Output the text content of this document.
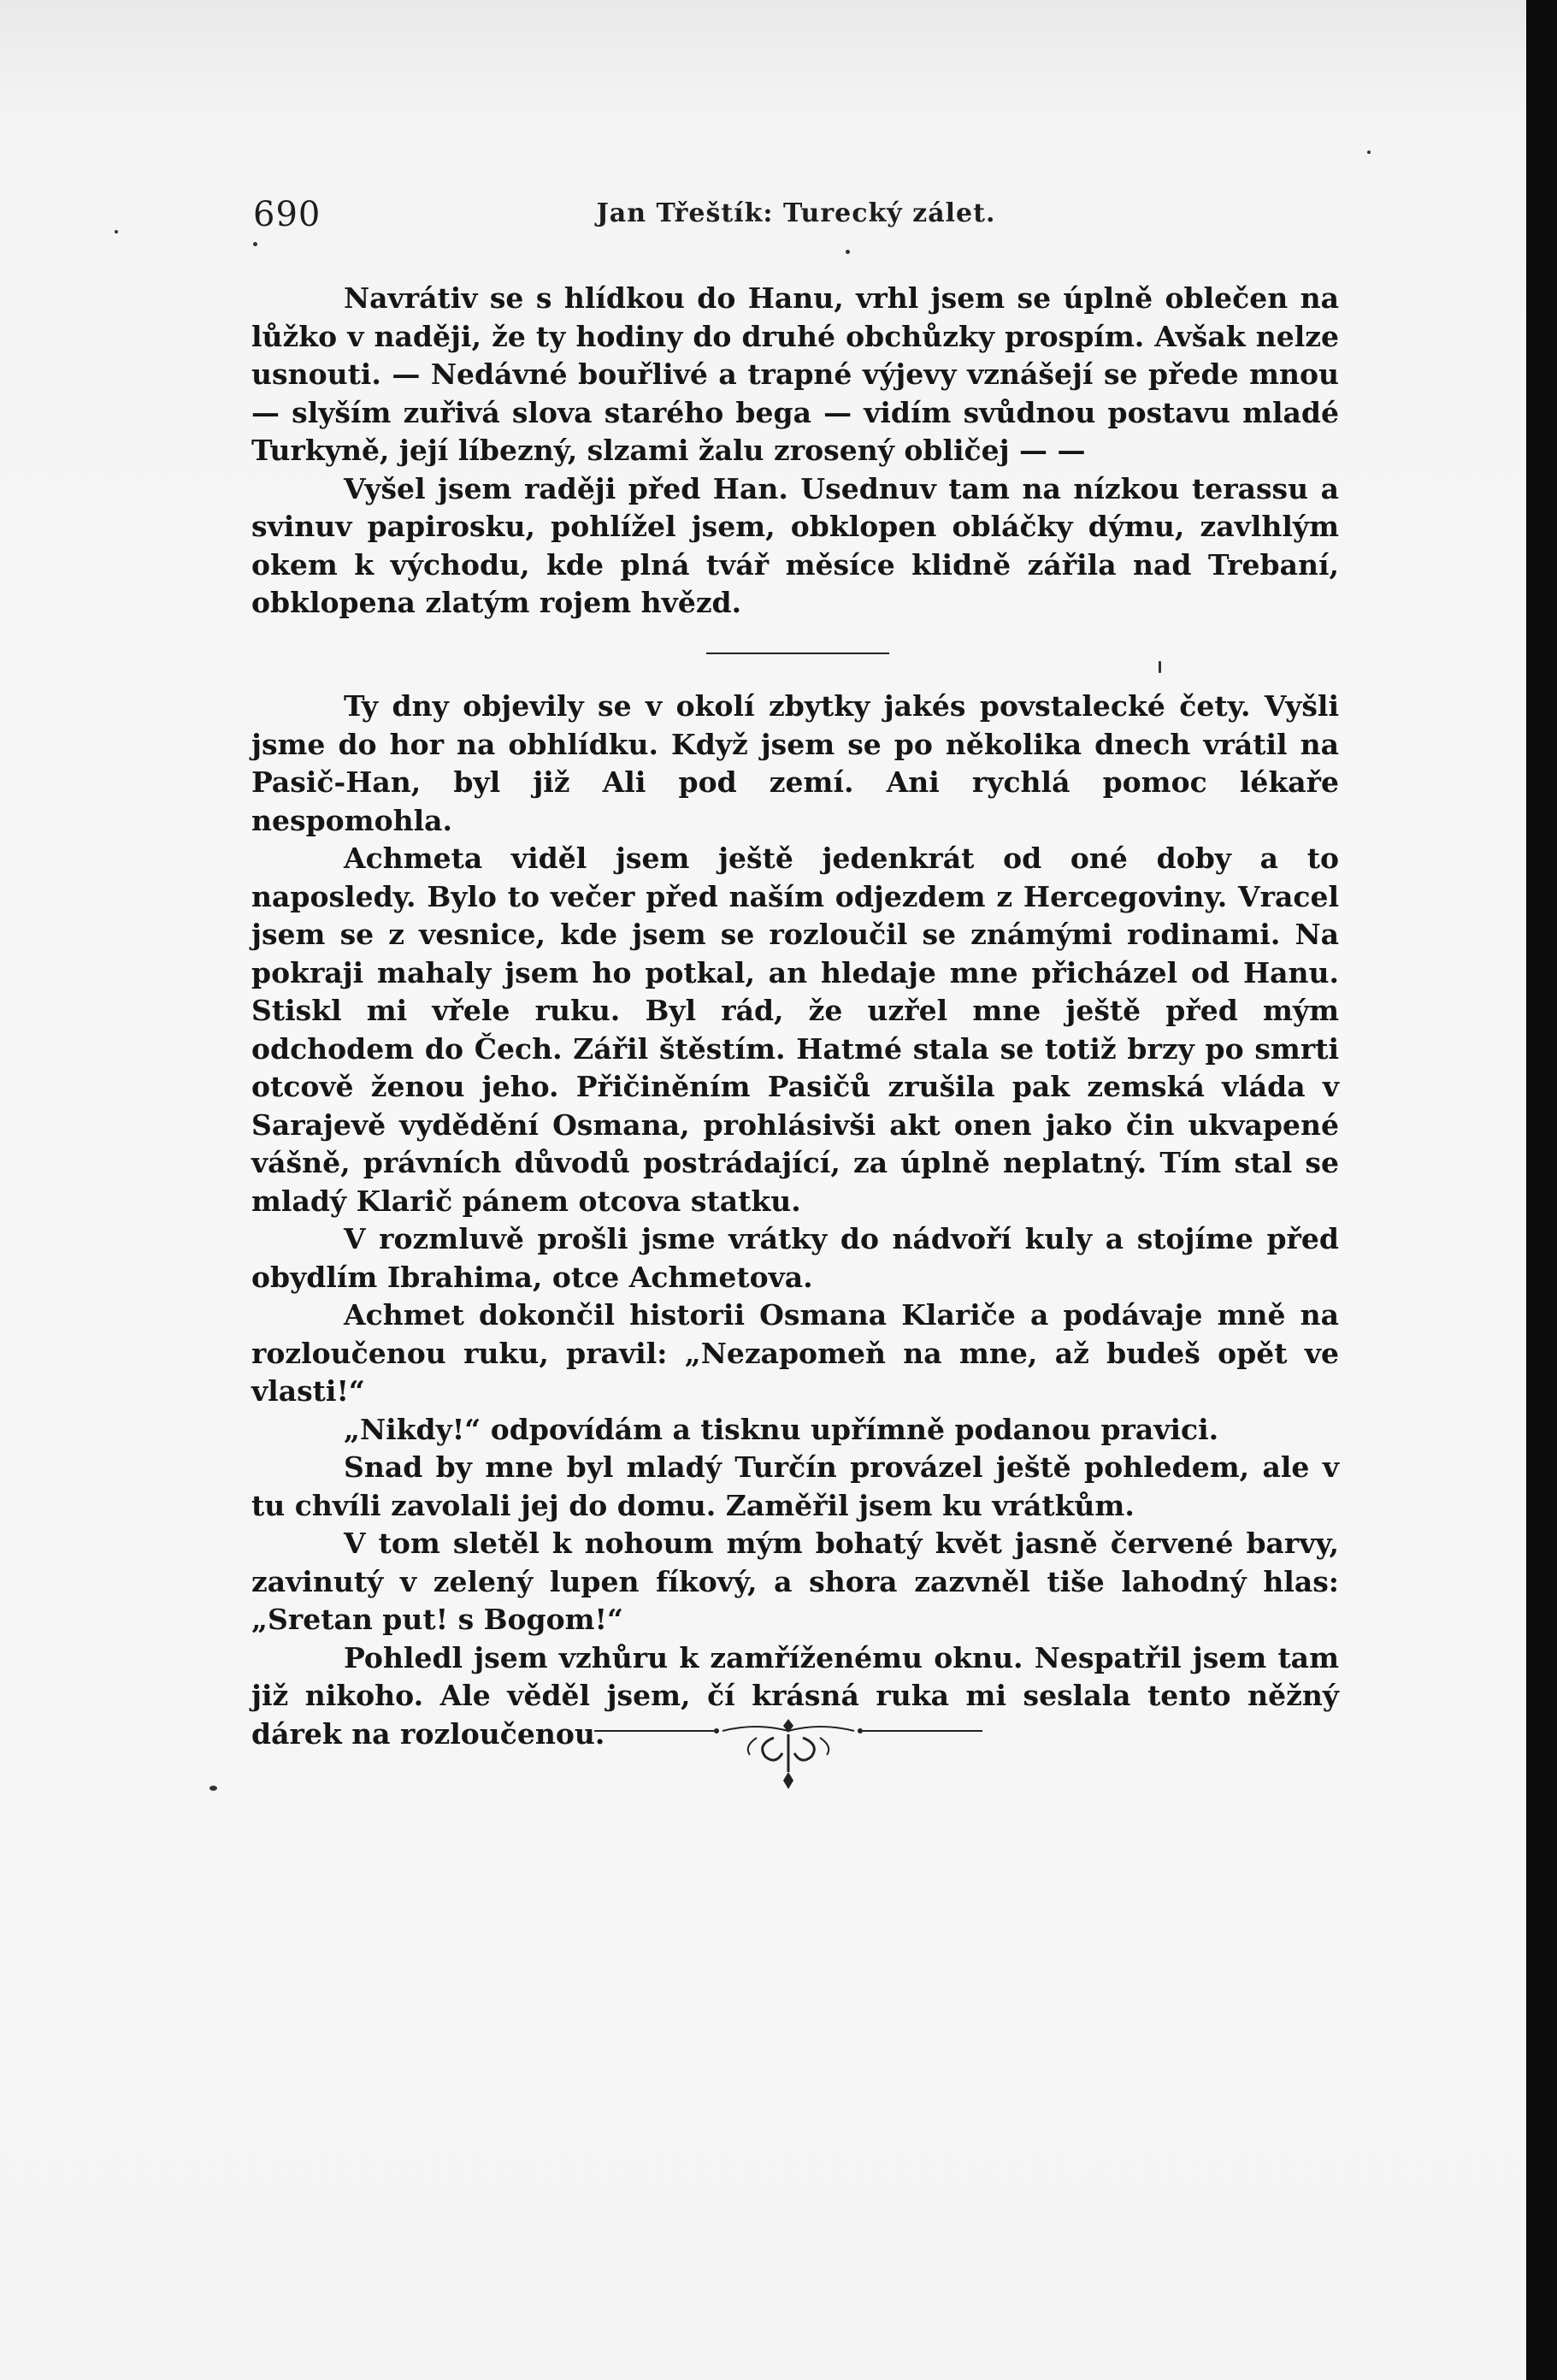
690	Jan Třeštík: Turecký zálet.

Navrátiv se s hlídkou do Hanu, vrhl jsem se úplně oblečen na lůžko v naději, že ty hodiny do druhé obchůzky prospím. Avšak nelze usnouti. — Nedávné bouřlivé a trapné výjevy vznášejí se přede mnou — slyším zuřivá slova starého bega — vidím svůdnou postavu mladé Turkyně, její líbezný, slzami žalu zrosený obličej — —

Vyšel jsem raději před Han. Usednuv tam na nízkou terassu a svinuv papirosku, pohlížel jsem, obklopen obláčky dýmu, zavlhlým okem k východu, kde plná tvář měsíce klidně zářila nad Trebaní, obklopena zlatým rojem hvězd.

Ty dny objevily se v okolí zbytky jakés povstalecké čety. Vyšli jsme do hor na obhlídku. Když jsem se po několika dnech vrátil na Pasič-Han, byl již Ali pod zemí. Ani rychlá pomoc lékaře nespomohla.

Achmeta viděl jsem ještě jedenkrát od oné doby a to naposledy. Bylo to večer před naším odjezdem z Hercegoviny. Vracel jsem se z vesnice, kde jsem se rozloučil se známými rodinami. Na pokraji mahaly jsem ho potkal, an hledaje mne přicházel od Hanu. Stiskl mi vřele ruku. Byl rád, že uzřel mne ještě před mým odchodem do Čech. Zářil štěstím. Hatmé stala se totiž brzy po smrti otcově ženou jeho. Přičiněním Pasičů zrušila pak zemská vláda v Sarajevě vydědění Osmana, prohlásivši akt onen jako čin ukvapené vášně, právních důvodů postrádající, za úplně neplatný. Tím stal se mladý Klarič pánem otcova statku.

V rozmluvě prošli jsme vrátky do nádvoří kuly a stojíme před obydlím Ibrahima, otce Achmetova.

Achmet dokončil historii Osmana Klariče a podávaje mně na rozloučenou ruku, pravil: „Nezapomeň na mne, až budeš opět ve vlasti!“

„Nikdy!“ odpovídám a tisknu upřímně podanou pravici.

Snad by mne byl mladý Turčín provázel ještě pohledem, ale v tu chvíli zavolali jej do domu. Zaměřil jsem ku vrátkům.

V tom sletěl k nohoum mým bohatý květ jasně červené barvy, zavinutý v zelený lupen fíkový, a shora zazvněl tiše lahodný hlas: „Sretan put! s Bogom!“

Pohledl jsem vzhůru k zamříženému oknu. Nespatřil jsem tam již nikoho. Ale věděl jsem, čí krásná ruka mi seslala tento něžný dárek na rozloučenou.
